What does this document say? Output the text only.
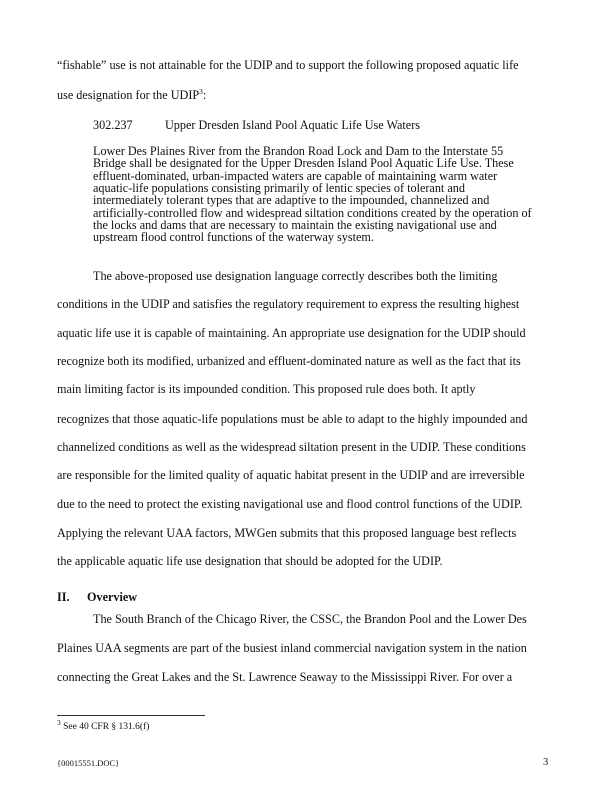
“fishable” use is not attainable for the UDIP and to support the following proposed aquatic life
use designation for the UDIP$^3$:
302.237	Upper Dresden Island Pool Aquatic Life Use Waters
Lower Des Plaines River from the Brandon Road Lock and Dam to the Interstate 55
Bridge shall be designated for the Upper Dresden Island Pool Aquatic Life Use. These
effluent-dominated, urban-impacted waters are capable of maintaining warm water
aquatic-life populations consisting primarily of lentic species of tolerant and
intermediately tolerant types that are adaptive to the impounded, channelized and
artificially-controlled flow and widespread siltation conditions created by the operation of
the locks and dams that are necessary to maintain the existing navigational use and
upstream flood control functions of the waterway system.
The above-proposed use designation language correctly describes both the limiting
conditions in the UDIP and satisfies the regulatory requirement to express the resulting highest
aquatic life use it is capable of maintaining. An appropriate use designation for the UDIP should
recognize both its modified, urbanized and effluent-dominated nature as well as the fact that its
main limiting factor is its impounded condition. This proposed rule does both. It aptly
recognizes that those aquatic-life populations must be able to adapt to the highly impounded and
channelized conditions as well as the widespread siltation present in the UDIP. These conditions
are responsible for the limited quality of aquatic habitat present in the UDIP and are irreversible
due to the need to protect the existing navigational use and flood control functions of the UDIP.
Applying the relevant UAA factors, MWGen submits that this proposed language best reflects
the applicable aquatic life use designation that should be adopted for the UDIP.
II. Overview
The South Branch of the Chicago River, the CSSC, the Brandon Pool and the Lower Des
Plaines UAA segments are part of the busiest inland commercial navigation system in the nation
connecting the Great Lakes and the St. Lawrence Seaway to the Mississippi River. For over a
$^3$ See 40 CFR § 131.6(f)
{00015551.DOC}	3
